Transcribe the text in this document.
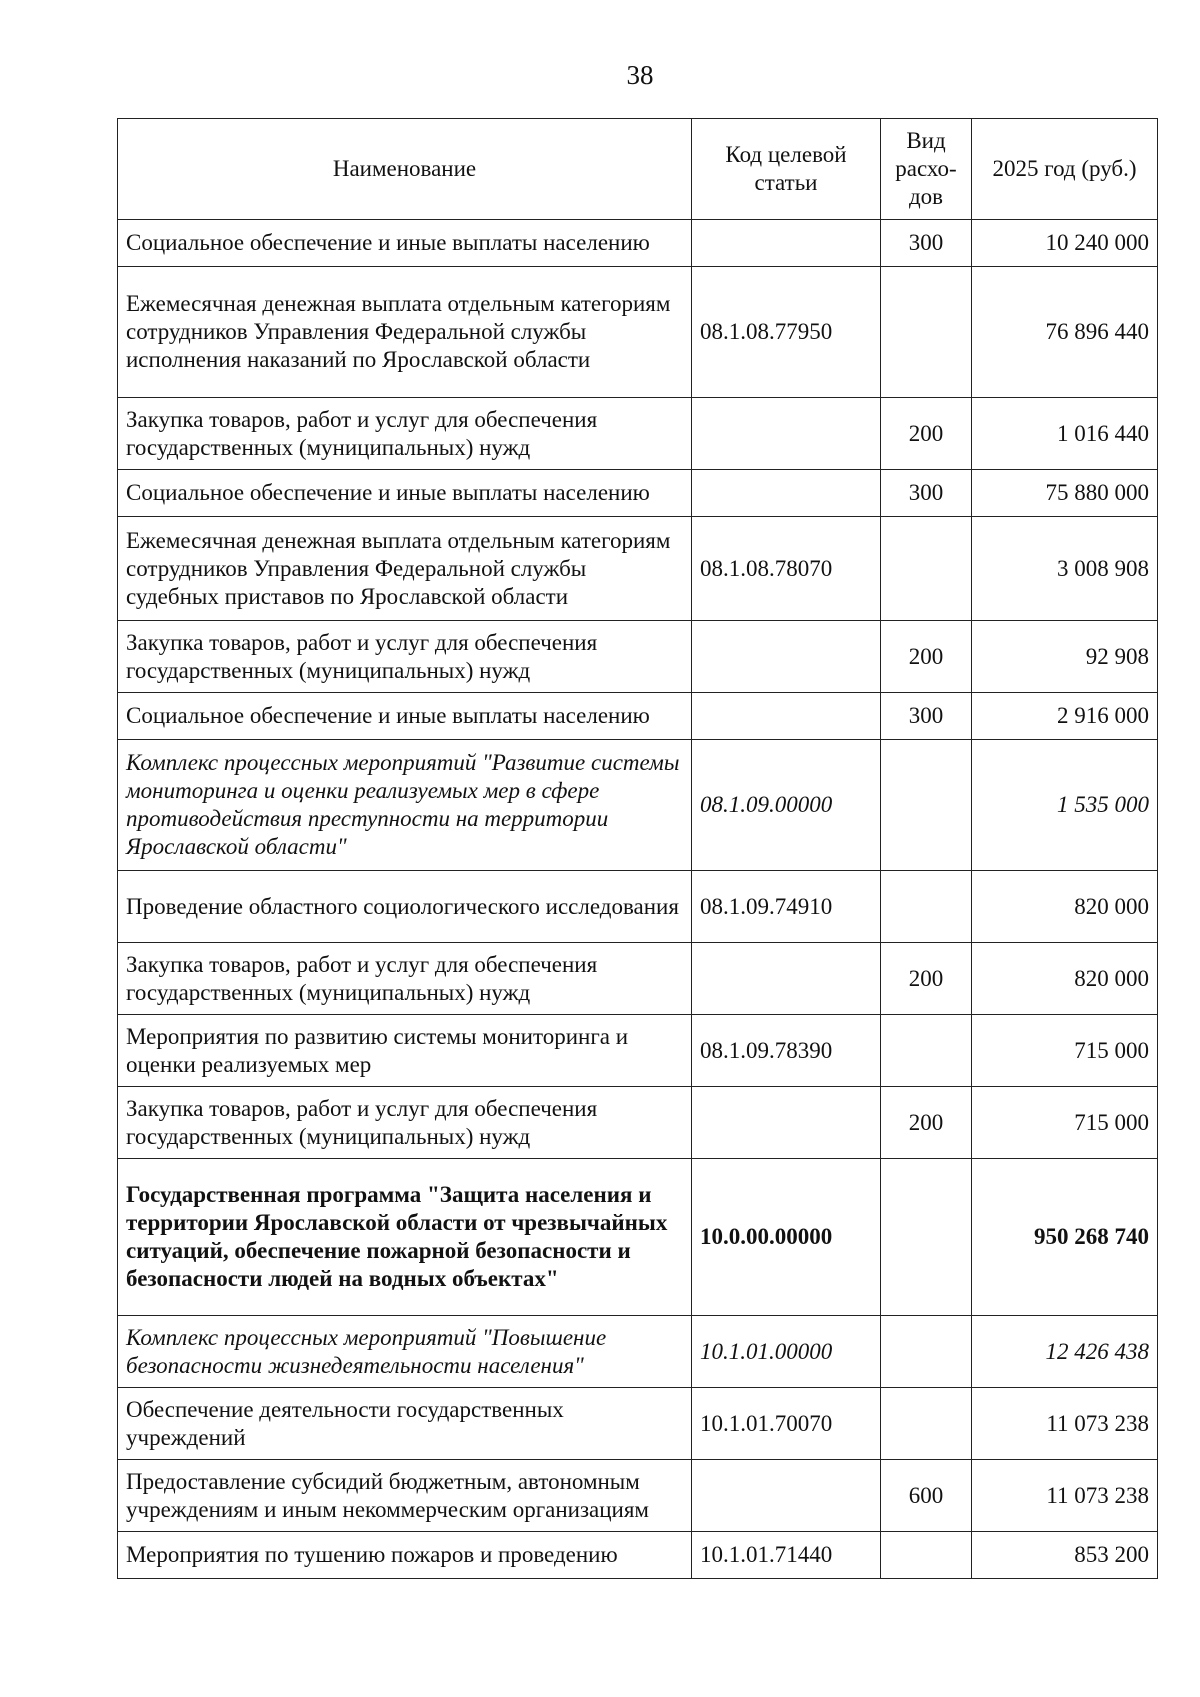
38
Наименование	Код целевой статьи	Вид расхо-дов	2025 год (руб.)
Социальное обеспечение и иные выплаты населению		300	10 240 000
Ежемесячная денежная выплата отдельным категориям сотрудников Управления Федеральной службы исполнения наказаний по Ярославской области	08.1.08.77950		76 896 440
Закупка товаров, работ и услуг для обеспечения государственных (муниципальных) нужд		200	1 016 440
Социальное обеспечение и иные выплаты населению		300	75 880 000
Ежемесячная денежная выплата отдельным категориям сотрудников Управления Федеральной службы судебных приставов по Ярославской области	08.1.08.78070		3 008 908
Закупка товаров, работ и услуг для обеспечения государственных (муниципальных) нужд		200	92 908
Социальное обеспечение и иные выплаты населению		300	2 916 000
Комплекс процессных мероприятий "Развитие системы мониторинга и оценки реализуемых мер в сфере противодействия преступности на территории Ярославской области"	08.1.09.00000		1 535 000
Проведение областного социологического исследования	08.1.09.74910		820 000
Закупка товаров, работ и услуг для обеспечения государственных (муниципальных) нужд		200	820 000
Мероприятия по развитию системы мониторинга и оценки реализуемых мер	08.1.09.78390		715 000
Закупка товаров, работ и услуг для обеспечения государственных (муниципальных) нужд		200	715 000
Государственная программа "Защита населения и территории Ярославской области от чрезвычайных ситуаций, обеспечение пожарной безопасности и безопасности людей на водных объектах"	10.0.00.00000		950 268 740
Комплекс процессных мероприятий "Повышение безопасности жизнедеятельности населения"	10.1.01.00000		12 426 438
Обеспечение деятельности государственных учреждений	10.1.01.70070		11 073 238
Предоставление субсидий бюджетным, автономным учреждениям и иным некоммерческим организациям		600	11 073 238
Мероприятия по тушению пожаров и проведению	10.1.01.71440		853 200
